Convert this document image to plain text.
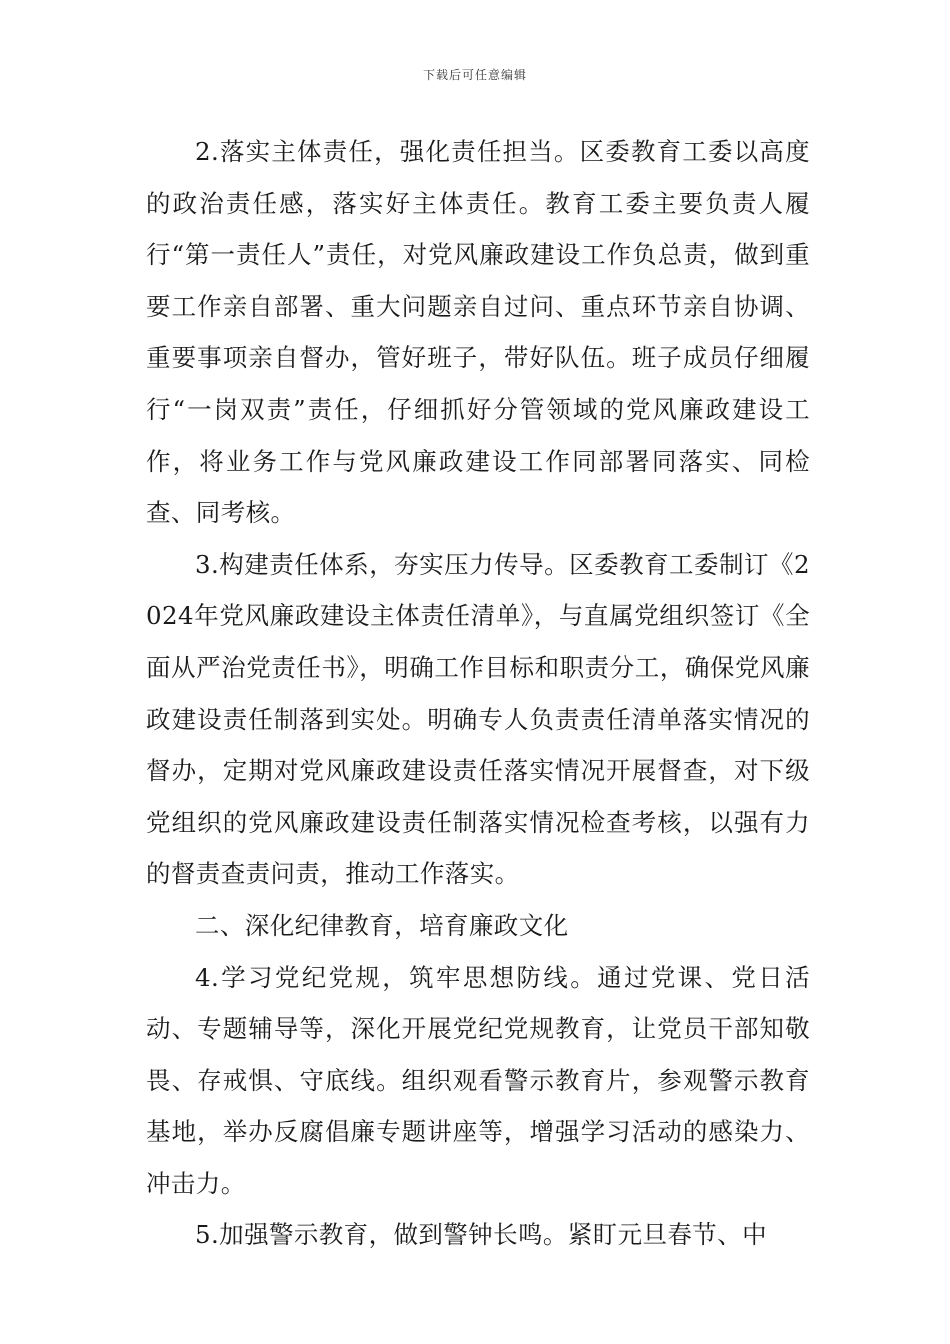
下载后可任意编辑

2.落实主体责任，强化责任担当。区委教育工委以高度的政治责任感，落实好主体责任。教育工委主要负责人履行“第一责任人”责任，对党风廉政建设工作负总责，做到重要工作亲自部署、重大问题亲自过问、重点环节亲自协调、重要事项亲自督办，管好班子，带好队伍。班子成员仔细履行“一岗双责”责任，仔细抓好分管领域的党风廉政建设工作，将业务工作与党风廉政建设工作同部署同落实、同检查、同考核。

3.构建责任体系，夯实压力传导。区委教育工委制订《2024年党风廉政建设主体责任清单》，与直属党组织签订《全面从严治党责任书》，明确工作目标和职责分工，确保党风廉政建设责任制落到实处。明确专人负责责任清单落实情况的督办，定期对党风廉政建设责任落实情况开展督查，对下级党组织的党风廉政建设责任制落实情况检查考核，以强有力的督责查责问责，推动工作落实。

二、深化纪律教育，培育廉政文化

4.学习党纪党规，筑牢思想防线。通过党课、党日活动、专题辅导等，深化开展党纪党规教育，让党员干部知敬畏、存戒惧、守底线。组织观看警示教育片，参观警示教育基地，举办反腐倡廉专题讲座等，增强学习活动的感染力、冲击力。

5.加强警示教育，做到警钟长鸣。紧盯元旦春节、中
